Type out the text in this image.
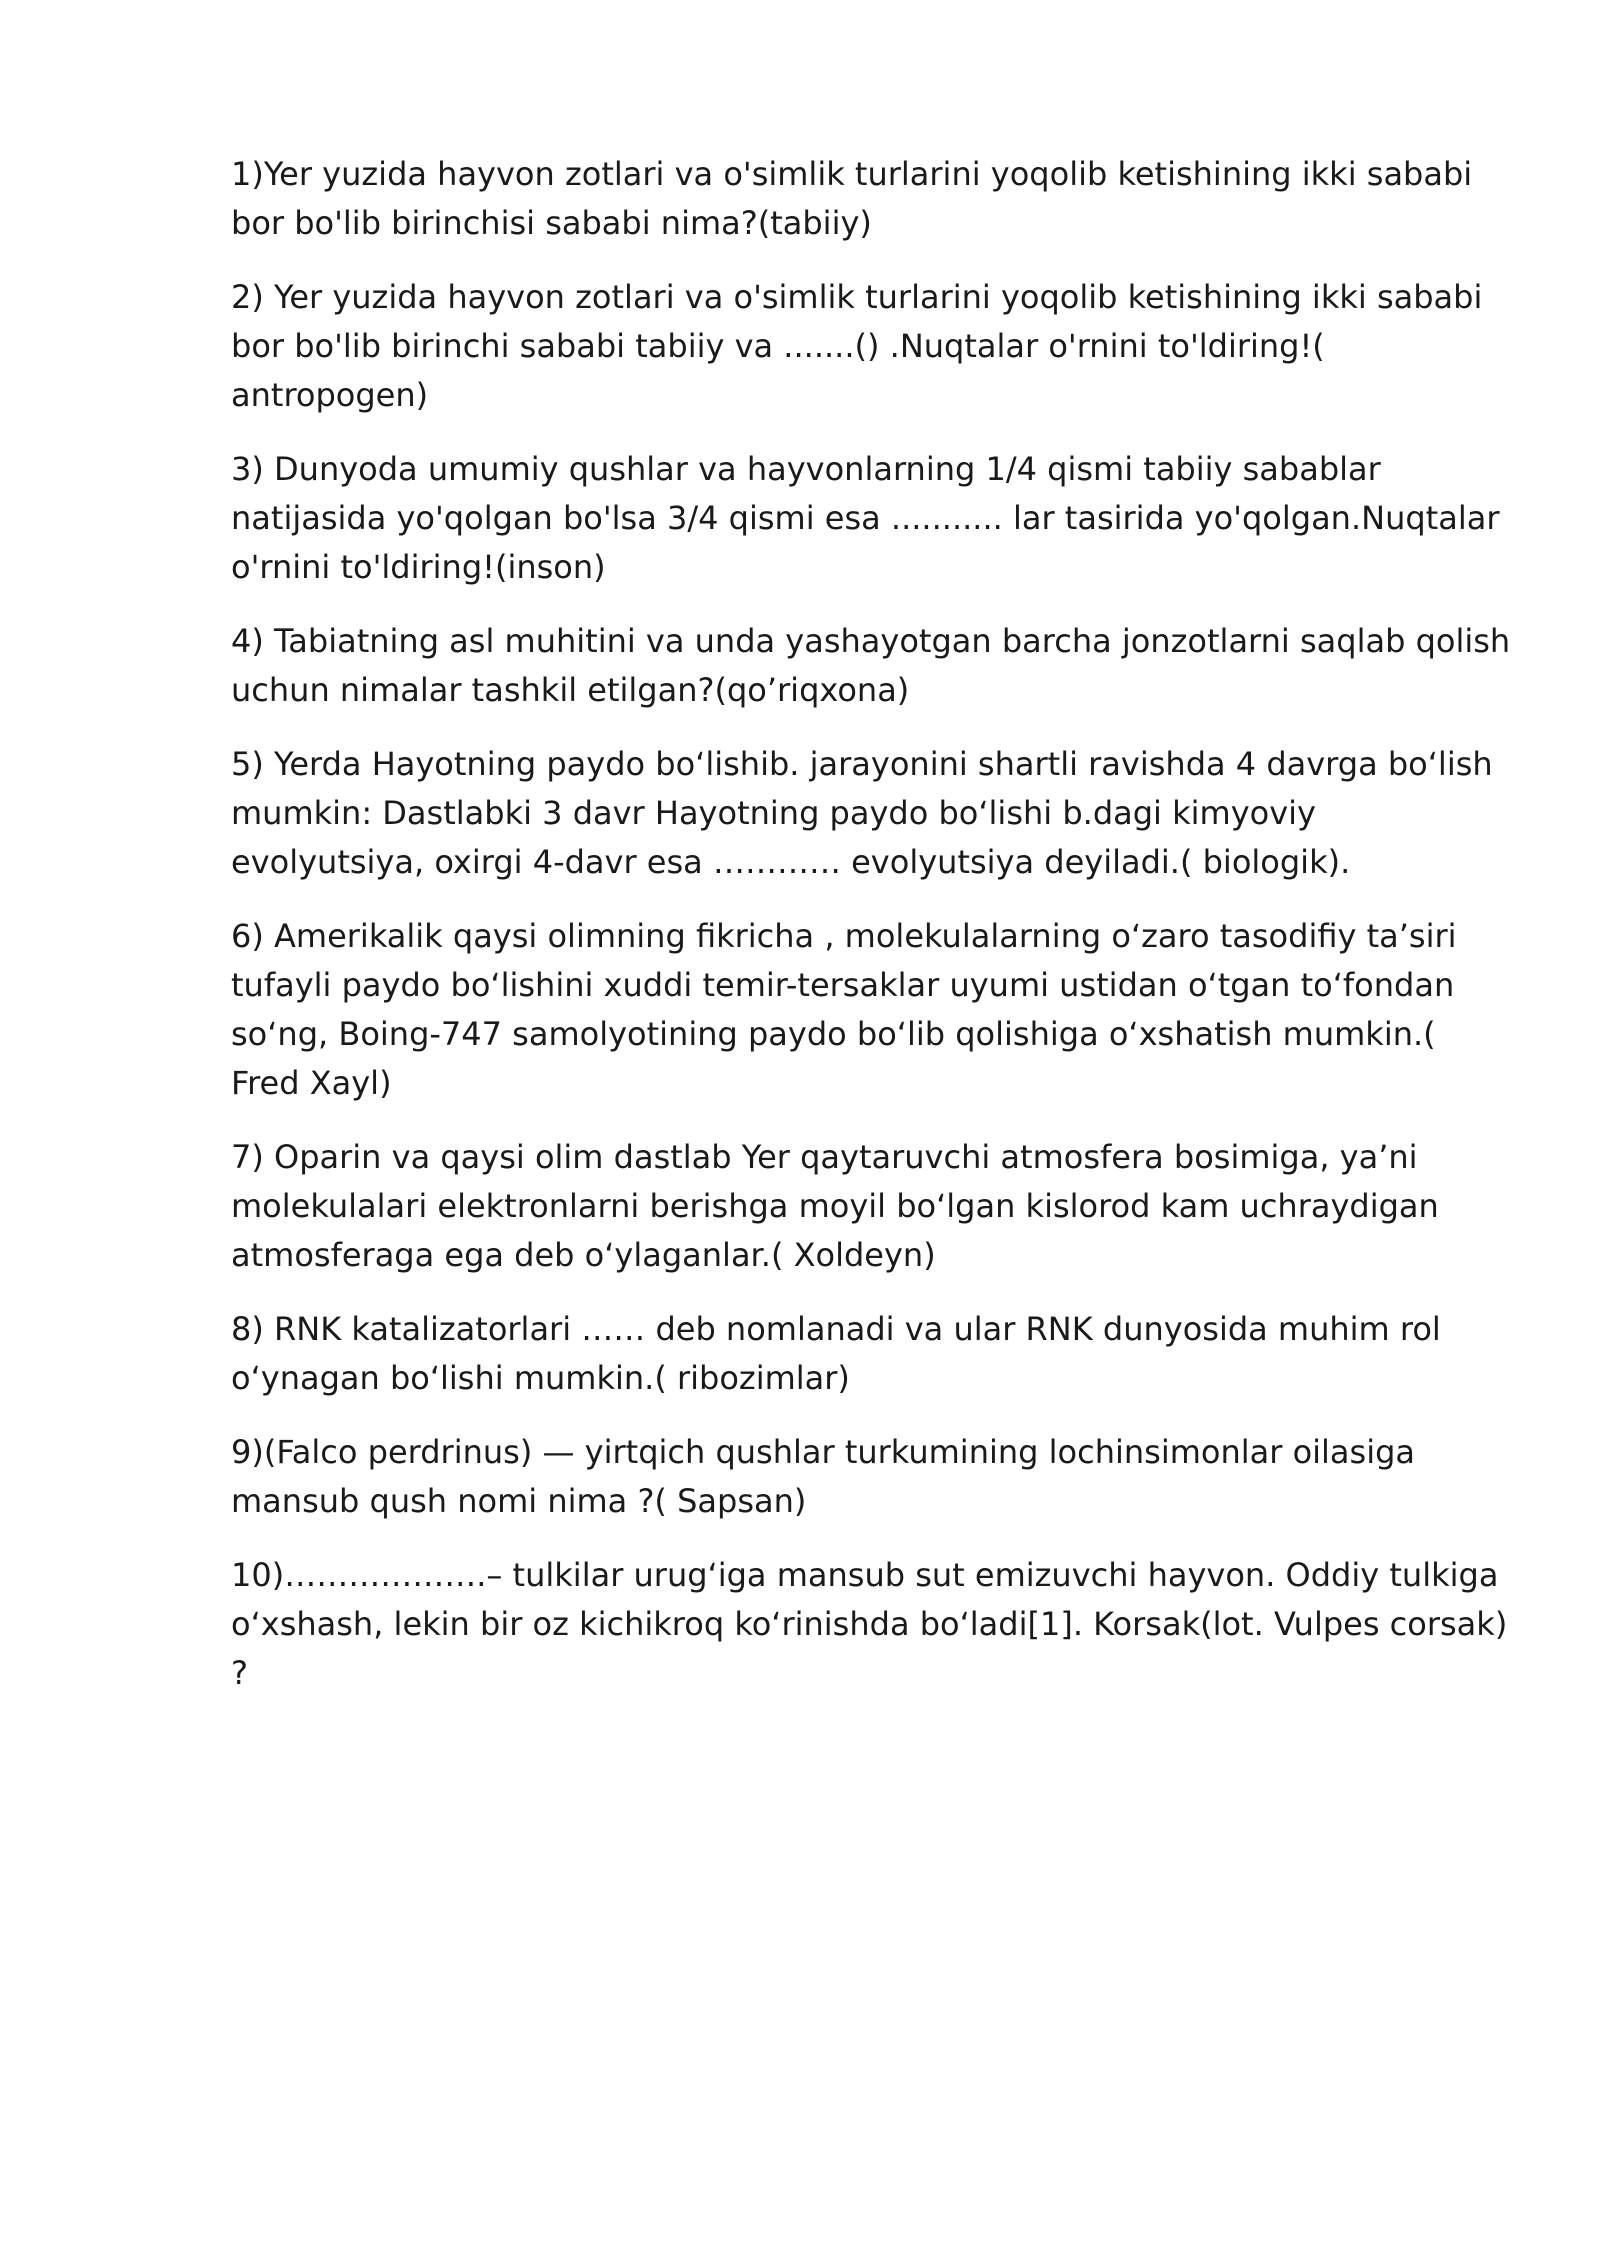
1)Yer yuzida hayvon zotlari va o'simlik turlarini yoqolib ketishining ikki sababi bor bo'lib birinchisi sababi nima?(tabiiy)

2) Yer yuzida hayvon zotlari va o'simlik turlarini yoqolib ketishining ikki sababi bor bo'lib birinchi sababi tabiiy va .......() .Nuqtalar o'rnini to'ldiring!( antropogen)

3) Dunyoda umumiy qushlar va hayvonlarning 1/4 qismi tabiiy sabablar natijasida yo'qolgan bo'lsa 3/4 qismi esa ........... lar tasirida yo'qolgan.Nuqtalar o'rnini to'ldiring!(inson)

4) Tabiatning asl muhitini va unda yashayotgan barcha jonzotlarni saqlab qolish uchun nimalar tashkil etilgan?(qo’riqxona)

5) Yerda Hayotning paydo boʻlishib. jarayonini shartli ravishda 4 davrga boʻlish mumkin: Dastlabki 3 davr Hayotning paydo boʻlishi b.dagi kimyoviy evolyutsiya, oxirgi 4-davr esa ………… evolyutsiya deyiladi.( biologik).

6) Amerikalik qaysi olimning fikricha , molekulalarning oʻzaro tasodifiy taʼsiri tufayli paydo boʻlishini xuddi temir-tersaklar uyumi ustidan oʻtgan toʻfondan soʻng, Boing-747 samolyotining paydo boʻlib qolishiga oʻxshatish mumkin.( Fred Xayl)

7) Oparin va qaysi olim dastlab Yer qaytaruvchi atmosfera bosimiga, yaʼni molekulalari elektronlarni berishga moyil boʻlgan kislorod kam uchraydigan atmosferaga ega deb oʻylaganlar.( Xoldeyn)

8) RNK katalizatorlari …… deb nomlanadi va ular RNK dunyosida muhim rol oʻynagan boʻlishi mumkin.( ribozimlar)

9)(Falco perdrinus) — yirtqich qushlar turkumining lochinsimonlar oilasiga mansub qush nomi nima ?( Sapsan)

10)……………….– tulkilar urugʻiga mansub sut emizuvchi hayvon. Oddiy tulkiga oʻxshash, lekin bir oz kichikroq koʻrinishda boʻladi[1]. Korsak(lot. Vulpes corsak) ?
